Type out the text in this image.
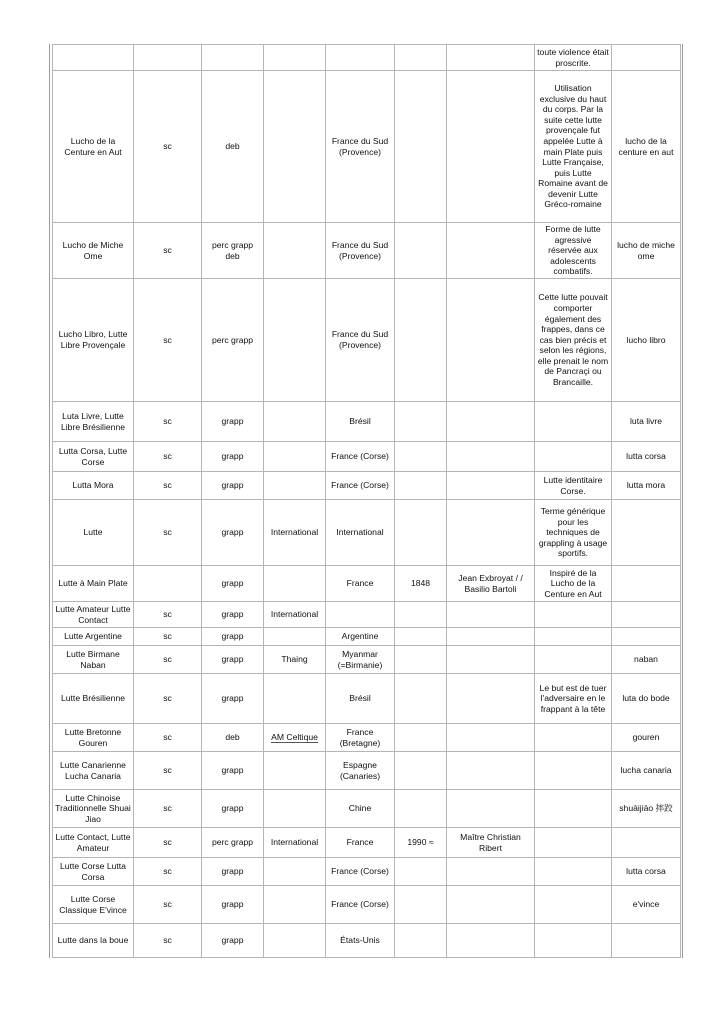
							toute violence était proscrite.	
Lucho de la Centure en Aut	sc	deb		France du Sud (Provence)			Utilisation exclusive du haut du corps. Par la suite cette lutte provençale fut appelée Lutte à main Plate puis Lutte Française, puis Lutte Romaine avant de devenir Lutte Gréco-romaine	lucho de la centure en aut
Lucho de Miche Ome	sc	perc grapp deb		France du Sud (Provence)			Forme de lutte agressive réservée aux adolescents combatifs.	lucho de miche ome
Lucho Libro, Lutte Libre Provençale	sc	perc grapp		France du Sud (Provence)			Cette lutte pouvait comporter également des frappes, dans ce cas bien précis et selon les régions, elle prenait le nom de Pancraçi ou Brancaille.	lucho libro
Luta Livre, Lutte Libre Brésilienne	sc	grapp		Brésil				luta livre
Lutta Corsa, Lutte Corse	sc	grapp		France (Corse)				lutta corsa
Lutta Mora	sc	grapp		France (Corse)			Lutte identitaire Corse.	lutta mora
Lutte	sc	grapp	International	International			Terme générique pour les techniques de grappling à usage sportifs.	
Lutte à Main Plate		grapp		France	1848	Jean Exbroyat / / Basilio Bartoli	Inspiré de la Lucho de la Centure en Aut	
Lutte Amateur Lutte Contact	sc	grapp	International					
Lutte Argentine	sc	grapp		Argentine				
Lutte Birmane Naban	sc	grapp	Thaing	Myanmar (=Birmanie)				naban
Lutte Brésilienne	sc	grapp		Brésil			Le but est de tuer l'adversaire en le frappant à la tête	luta do bode
Lutte Bretonne Gouren	sc	deb	AM Celtique	France (Bretagne)				gouren
Lutte Canarienne Lucha Canaria	sc	grapp		Espagne (Canaries)				lucha canaria
Lutte Chinoise Traditionnelle Shuai Jiao	sc	grapp		Chine				shuāijiāo 摔跤
Lutte Contact, Lutte Amateur	sc	perc grapp	International	France	1990 ≈	Maître Christian Ribert		
Lutte Corse Lutta Corsa	sc	grapp		France (Corse)				lutta corsa
Lutte Corse Classique E'vince	sc	grapp		France (Corse)				e'vince
Lutte dans la boue	sc	grapp		États-Unis				
